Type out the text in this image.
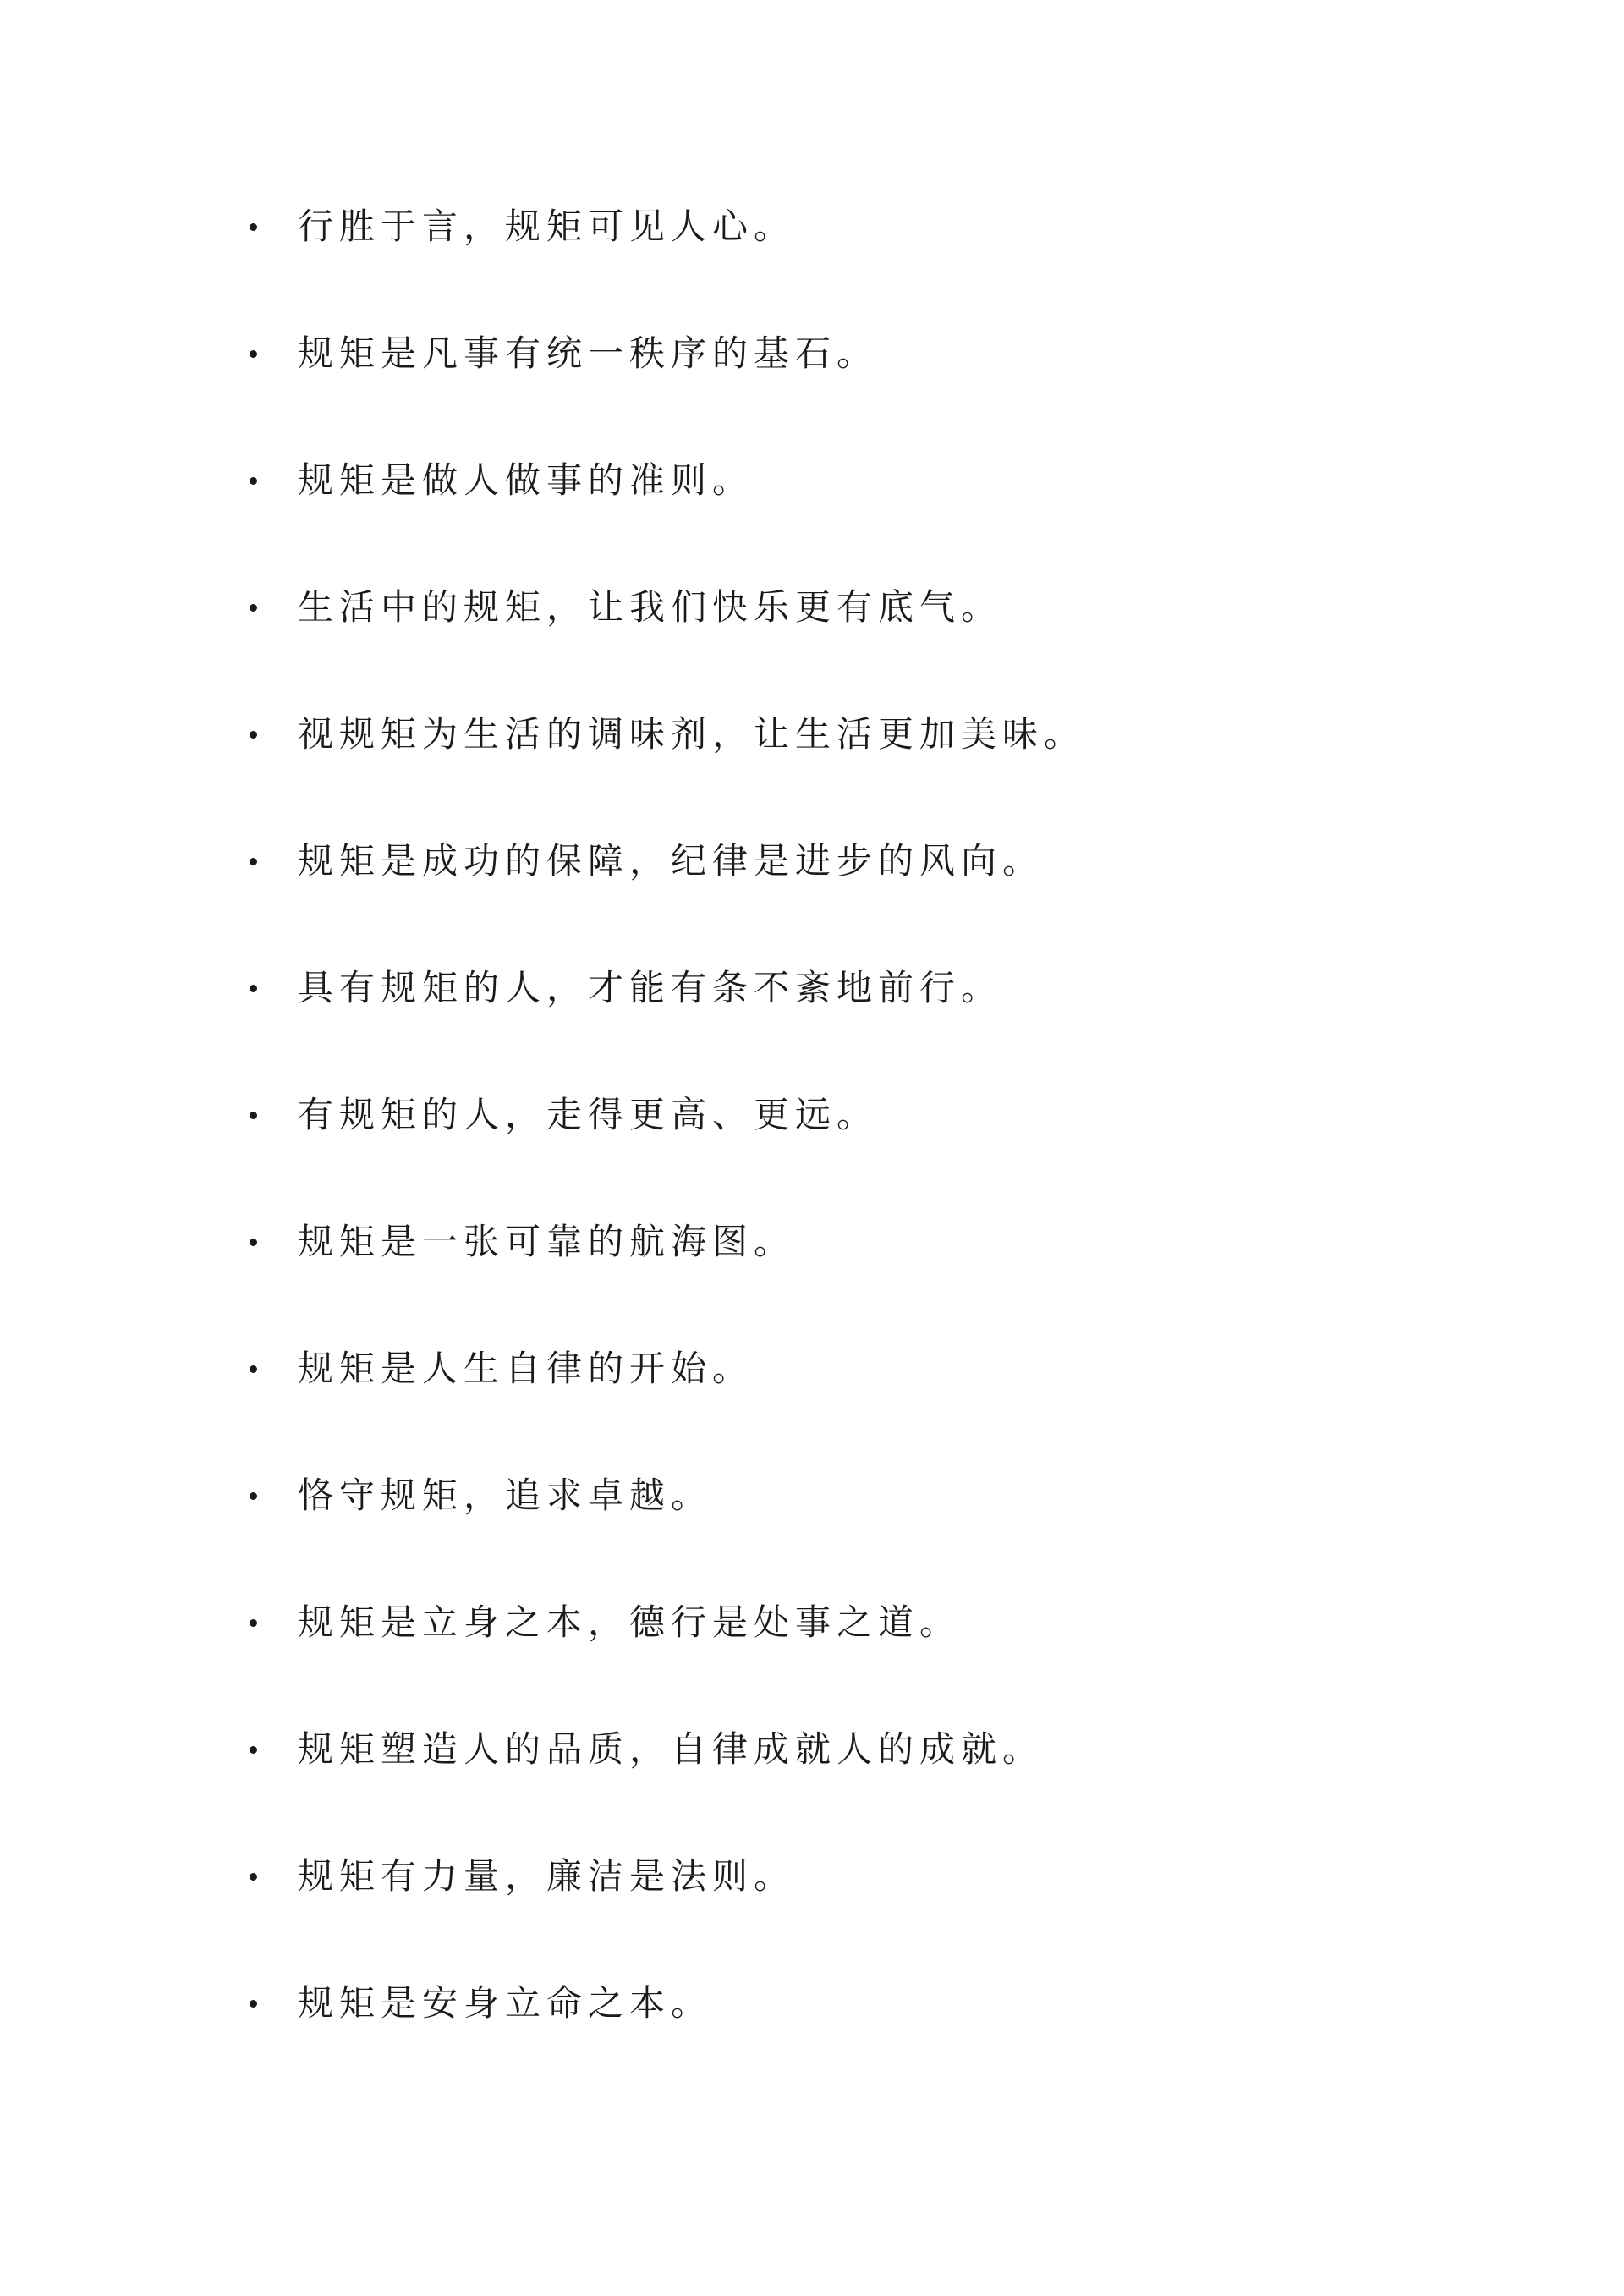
行胜于言，规矩可见人心。
规矩是凡事有统一秩序的基石。
规矩是做人做事的准则。
生活中的规矩，让我们快乐更有底气。
视规矩为生活的调味剂，让生活更加美味。
规矩是成功的保障，纪律是进步的风向。
具有规矩的人，才能有条不紊地前行。
有规矩的人，走得更高、更远。
规矩是一张可靠的航海图。
规矩是人生自律的开始。
恪守规矩，追求卓越。
规矩是立身之本，德行是处事之道。
规矩塑造人的品质，自律成就人的成就。
规矩有力量，廉洁是法则。
规矩是安身立命之本。
